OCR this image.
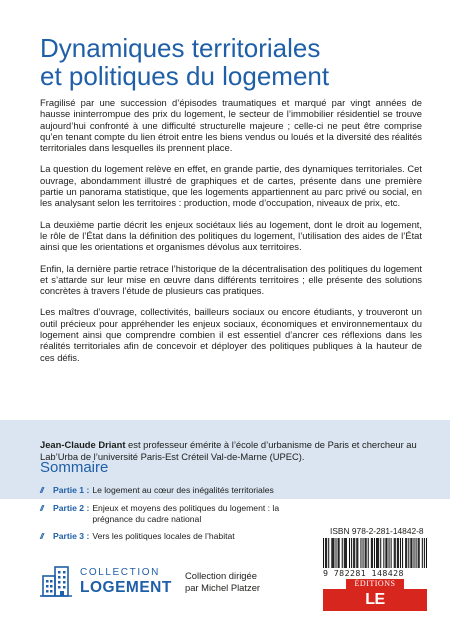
Dynamiques territoriales
et politiques du logement

Fragilisé par une succession d’épisodes traumatiques et marqué par vingt années de hausse ininterrompue des prix du logement, le secteur de l’immobilier résidentiel se trouve aujourd’hui confronté à une difficulté structurelle majeure ; celle-ci ne peut être comprise qu’en tenant compte du lien étroit entre les biens vendus ou loués et la diversité des réalités territoriales dans lesquelles ils prennent place.

La question du logement relève en effet, en grande partie, des dynamiques territoriales. Cet ouvrage, abondamment illustré de graphiques et de cartes, présente dans une première partie un panorama statistique, que les logements appartiennent au parc privé ou social, en les analysant selon les territoires : production, mode d’occupation, niveaux de prix, etc.

La deuxième partie décrit les enjeux sociétaux liés au logement, dont le droit au logement, le rôle de l’État dans la définition des politiques du logement, l’utilisation des aides de l’État ainsi que les orientations et organismes dévolus aux territoires.

Enfin, la dernière partie retrace l’historique de la décentralisation des politiques du logement et s’attarde sur leur mise en œuvre dans différents territoires ; elle présente des solutions concrètes à travers l’étude de plusieurs cas pratiques.

Les maîtres d’ouvrage, collectivités, bailleurs sociaux ou encore étudiants, y trouveront un outil précieux pour appréhender les enjeux sociaux, économiques et environnementaux du logement ainsi que comprendre combien il est essentiel d’ancrer ces réflexions dans les réalités territoriales afin de concevoir et déployer des politiques publiques à la hauteur de ces défis.

Jean-Claude Driant est professeur émérite à l’école d’urbanisme de Paris et chercheur au Lab’Urba de l’université Paris-Est Créteil Val-de-Marne (UPEC).

Sommaire
//	Partie 1 : Le logement au cœur des inégalités territoriales
//	Partie 2 : Enjeux et moyens des politiques du logement : la prégnance du cadre national
//	Partie 3 : Vers les politiques locales de l’habitat	ISBN 978-2-281-14842-8
9 782281 148428
ÉDITIONS
LE MONITEUR
COLLECTION
LOGEMENT
Collection dirigée
par Michel Platzer
